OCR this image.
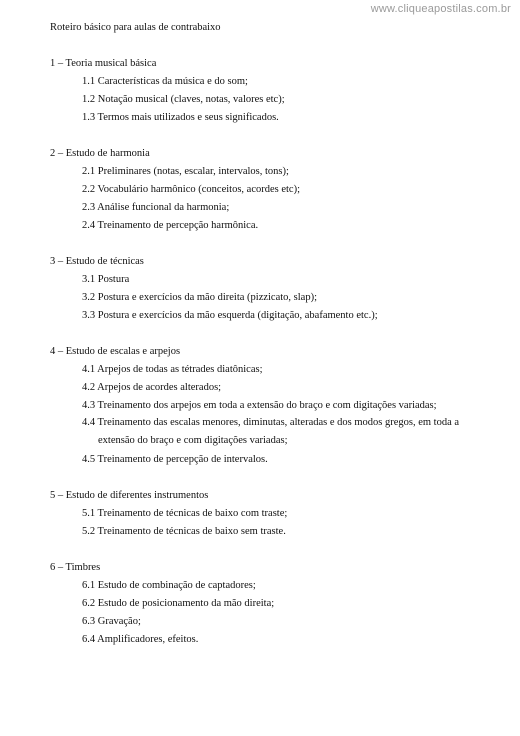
www.cliqueapostilas.com.br
Roteiro básico para aulas de contrabaixo
1 – Teoria musical básica
1.1 Características da música e do som;
1.2 Notação musical (claves, notas, valores etc);
1.3 Termos mais utilizados e seus significados.
2 – Estudo de harmonia
2.1 Preliminares (notas, escalar, intervalos, tons);
2.2 Vocabulário harmônico (conceitos, acordes etc);
2.3 Análise funcional da harmonia;
2.4 Treinamento de percepção harmônica.
3 – Estudo de técnicas
3.1 Postura
3.2 Postura e exercícios da mão direita (pizzicato, slap);
3.3 Postura e exercícios da mão esquerda (digitação, abafamento etc.);
4 – Estudo de escalas e arpejos
4.1 Arpejos de todas as tétrades diatônicas;
4.2 Arpejos de acordes alterados;
4.3 Treinamento dos arpejos em toda a extensão do braço e com digitações variadas;
4.4 Treinamento das escalas menores, diminutas, alteradas e dos modos gregos, em toda a
extensão do braço e com digitações variadas;
4.5 Treinamento de percepção de intervalos.
5 – Estudo de diferentes instrumentos
5.1 Treinamento de técnicas de baixo com traste;
5.2 Treinamento de técnicas de baixo sem traste.
6 – Timbres
6.1 Estudo de combinação de captadores;
6.2 Estudo de posicionamento da mão direita;
6.3 Gravação;
6.4 Amplificadores, efeitos.
